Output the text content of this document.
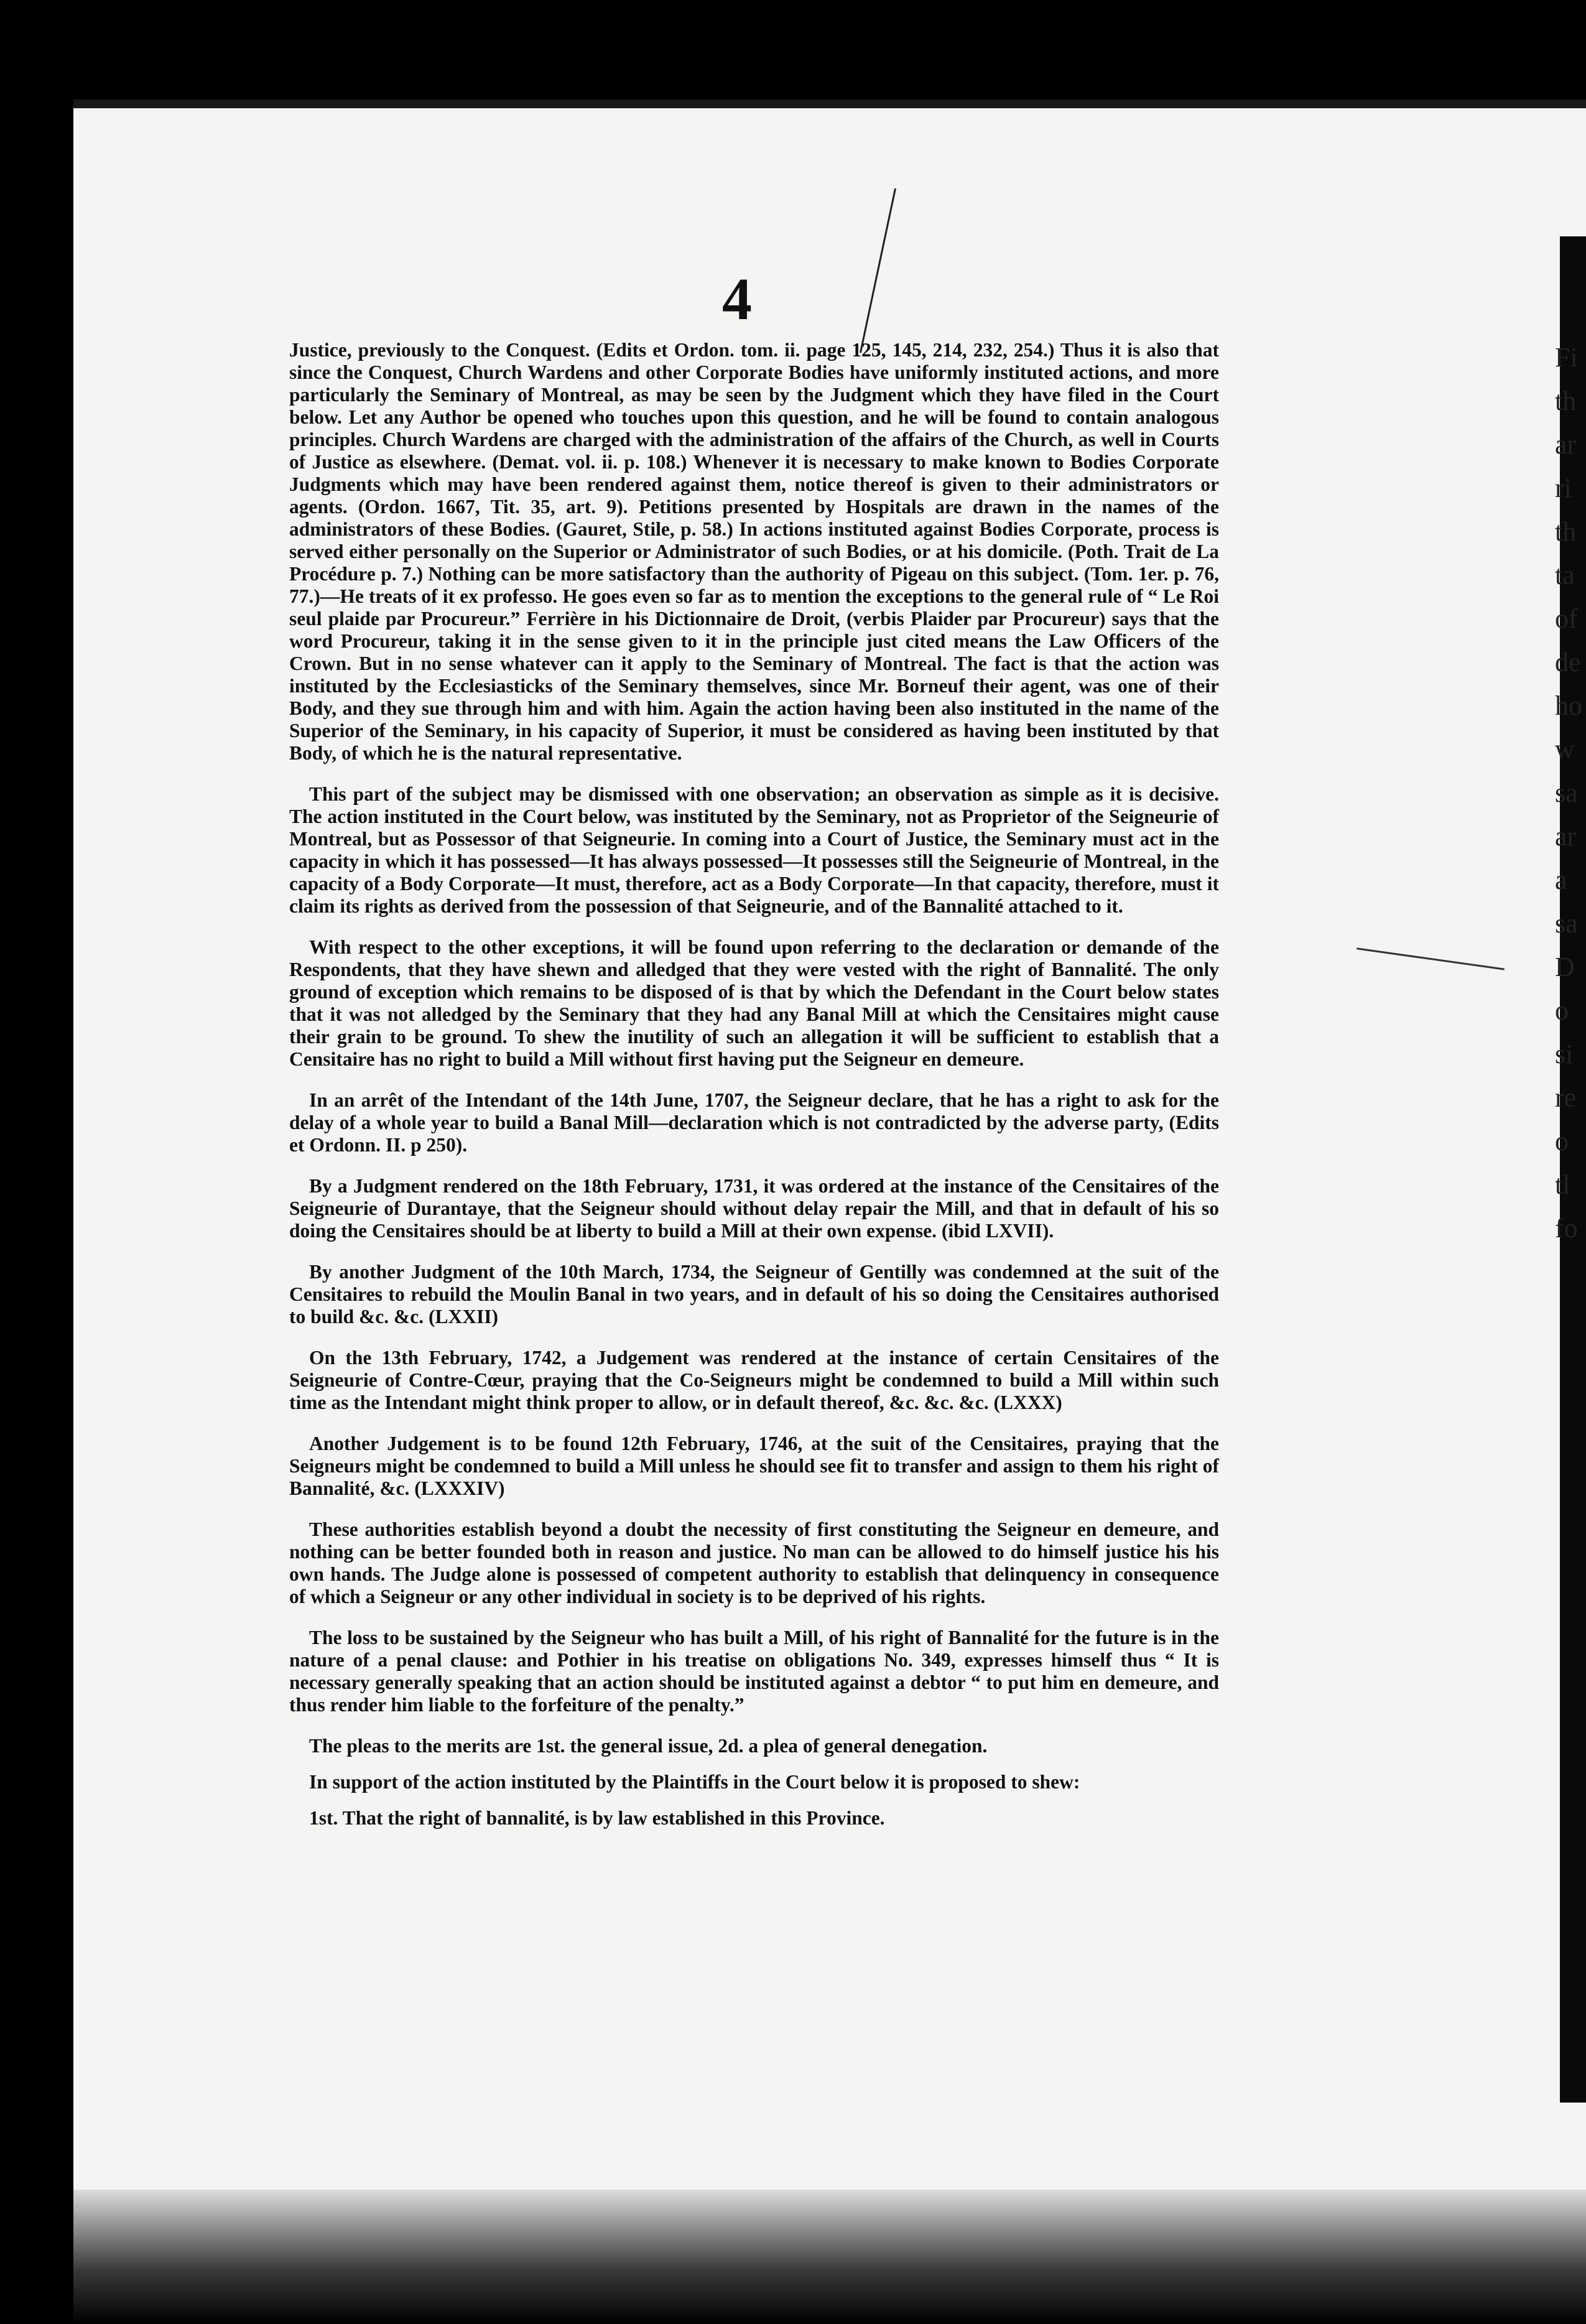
Fi
th
ar
ri
th
ta
of
de
ho
w
sa
ar
a
sa
D
o
si
re
o
tl
fo
4

Justice, previously to the Conquest. (Edits et Ordon. tom. ii. page 125, 145, 214, 232, 254.) Thus it is also that since the Conquest, Church Wardens and other Corporate Bodies have uniformly instituted actions, and more particularly the Seminary of Montreal, as may be seen by the Judgment which they have filed in the Court below. Let any Author be opened who touches upon this question, and he will be found to contain analogous principles. Church Wardens are charged with the administration of the affairs of the Church, as well in Courts of Justice as elsewhere. (Demat. vol. ii. p. 108.) Whenever it is necessary to make known to Bodies Corporate Judgments which may have been rendered against them, notice thereof is given to their administrators or agents. (Ordon. 1667, Tit. 35, art. 9). Petitions presented by Hospitals are drawn in the names of the administrators of these Bodies. (Gauret, Stile, p. 58.) In actions instituted against Bodies Corporate, process is served either personally on the Superior or Administrator of such Bodies, or at his domicile. (Poth. Trait de La Procédure p. 7.) Nothing can be more satisfactory than the authority of Pigeau on this subject. (Tom. 1er. p. 76, 77.)—He treats of it ex professo. He goes even so far as to mention the exceptions to the general rule of “ Le Roi seul plaide par Procureur.” Ferrière in his Dictionnaire de Droit, (verbis Plaider par Procureur) says that the word Procureur, taking it in the sense given to it in the principle just cited means the Law Officers of the Crown. But in no sense whatever can it apply to the Seminary of Montreal. The fact is that the action was instituted by the Ecclesiasticks of the Seminary themselves, since Mr. Borneuf their agent, was one of their Body, and they sue through him and with him. Again the action having been also instituted in the name of the Superior of the Seminary, in his capacity of Superior, it must be considered as having been instituted by that Body, of which he is the natural representative.

This part of the subject may be dismissed with one observation; an observation as simple as it is decisive. The action instituted in the Court below, was instituted by the Seminary, not as Proprietor of the Seigneurie of Montreal, but as Possessor of that Seigneurie. In coming into a Court of Justice, the Seminary must act in the capacity in which it has possessed—It has always possessed—It possesses still the Seigneurie of Montreal, in the capacity of a Body Corporate—It must, therefore, act as a Body Corporate—In that capacity, therefore, must it claim its rights as derived from the possession of that Seigneurie, and of the Bannalité attached to it.

With respect to the other exceptions, it will be found upon referring to the declaration or demande of the Respondents, that they have shewn and alledged that they were vested with the right of Bannalité. The only ground of exception which remains to be disposed of is that by which the Defendant in the Court below states that it was not alledged by the Seminary that they had any Banal Mill at which the Censitaires might cause their grain to be ground. To shew the inutility of such an allegation it will be sufficient to establish that a Censitaire has no right to build a Mill without first having put the Seigneur en demeure.

In an arrêt of the Intendant of the 14th June, 1707, the Seigneur declare, that he has a right to ask for the delay of a whole year to build a Banal Mill—declaration which is not contradicted by the adverse party, (Edits et Ordonn. II. p 250).

By a Judgment rendered on the 18th February, 1731, it was ordered at the instance of the Censitaires of the Seigneurie of Durantaye, that the Seigneur should without delay repair the Mill, and that in default of his so doing the Censitaires should be at liberty to build a Mill at their own expense. (ibid LXVII).

By another Judgment of the 10th March, 1734, the Seigneur of Gentilly was condemned at the suit of the Censitaires to rebuild the Moulin Banal in two years, and in default of his so doing the Censitaires authorised to build &c. &c. (LXXII)

On the 13th February, 1742, a Judgement was rendered at the instance of certain Censitaires of the Seigneurie of Contre-Cœur, praying that the Co-Seigneurs might be condemned to build a Mill within such time as the Intendant might think proper to allow, or in default thereof, &c. &c. &c. (LXXX)

Another Judgement is to be found 12th February, 1746, at the suit of the Censitaires, praying that the Seigneurs might be condemned to build a Mill unless he should see fit to transfer and assign to them his right of Bannalité, &c. (LXXXIV)

These authorities establish beyond a doubt the necessity of first constituting the Seigneur en demeure, and nothing can be better founded both in reason and justice. No man can be allowed to do himself justice his his own hands. The Judge alone is possessed of competent authority to establish that delinquency in consequence of which a Seigneur or any other individual in society is to be deprived of his rights.

The loss to be sustained by the Seigneur who has built a Mill, of his right of Bannalité for the future is in the nature of a penal clause: and Pothier in his treatise on obligations No. 349, expresses himself thus “ It is necessary generally speaking that an action should be instituted against a debtor “ to put him en demeure, and thus render him liable to the forfeiture of the penalty.”

The pleas to the merits are 1st. the general issue, 2d. a plea of general denegation.

In support of the action instituted by the Plaintiffs in the Court below it is proposed to shew:

1st. That the right of bannalité, is by law established in this Province.
